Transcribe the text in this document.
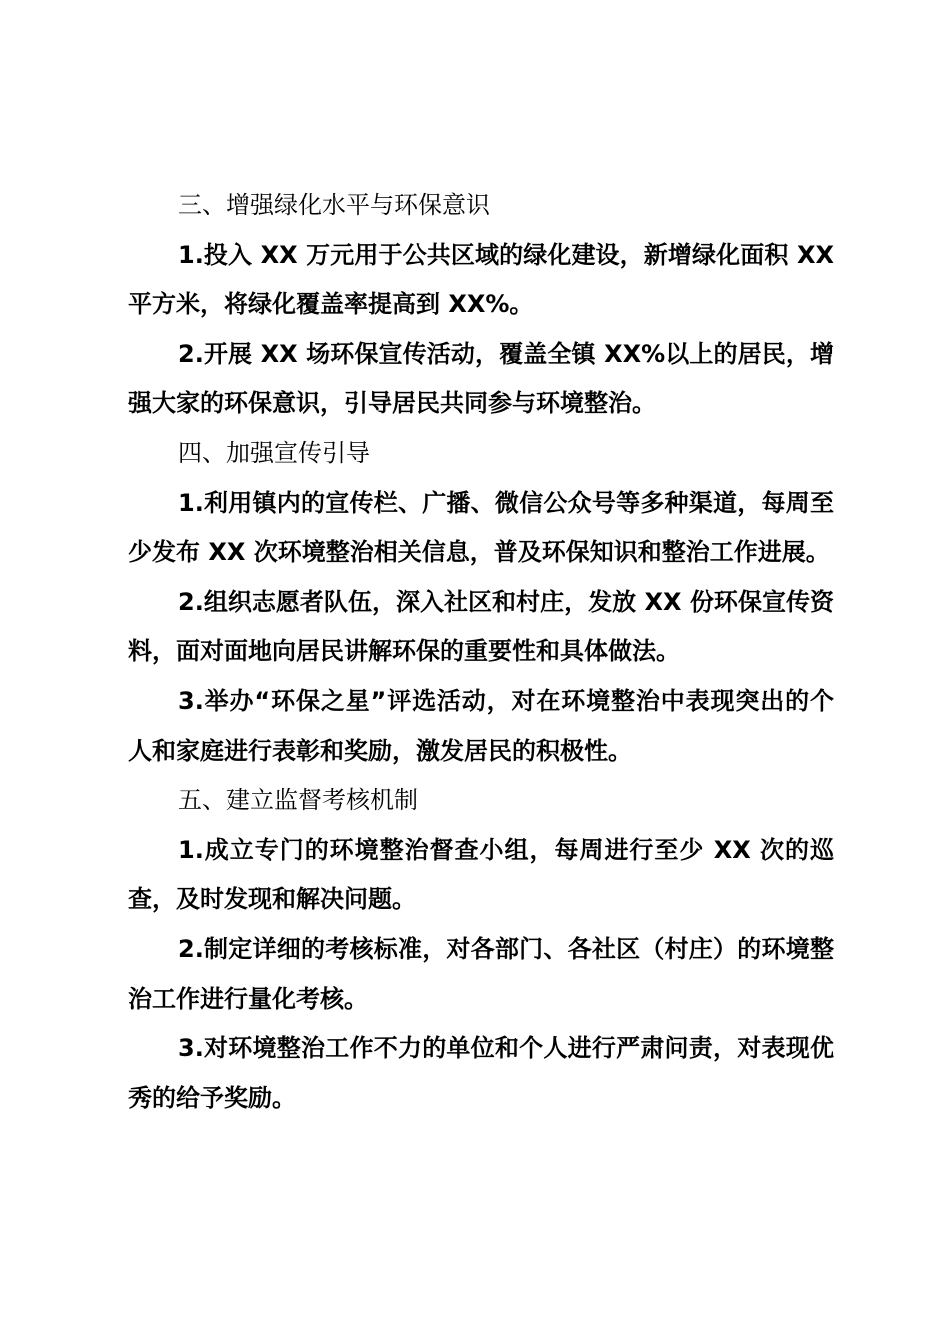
三、增强绿化水平与环保意识

1.投入 XX 万元用于公共区域的绿化建设，新增绿化面积 XX 平方米，将绿化覆盖率提高到 XX%。

2.开展 XX 场环保宣传活动，覆盖全镇 XX%以上的居民，增强大家的环保意识，引导居民共同参与环境整治。

四、加强宣传引导

1.利用镇内的宣传栏、广播、微信公众号等多种渠道，每周至少发布 XX 次环境整治相关信息，普及环保知识和整治工作进展。

2.组织志愿者队伍，深入社区和村庄，发放 XX 份环保宣传资料，面对面地向居民讲解环保的重要性和具体做法。

3.举办“环保之星”评选活动，对在环境整治中表现突出的个人和家庭进行表彰和奖励，激发居民的积极性。

五、建立监督考核机制

1.成立专门的环境整治督查小组，每周进行至少 XX 次的巡查，及时发现和解决问题。

2.制定详细的考核标准，对各部门、各社区（村庄）的环境整治工作进行量化考核。

3.对环境整治工作不力的单位和个人进行严肃问责，对表现优秀的给予奖励。
